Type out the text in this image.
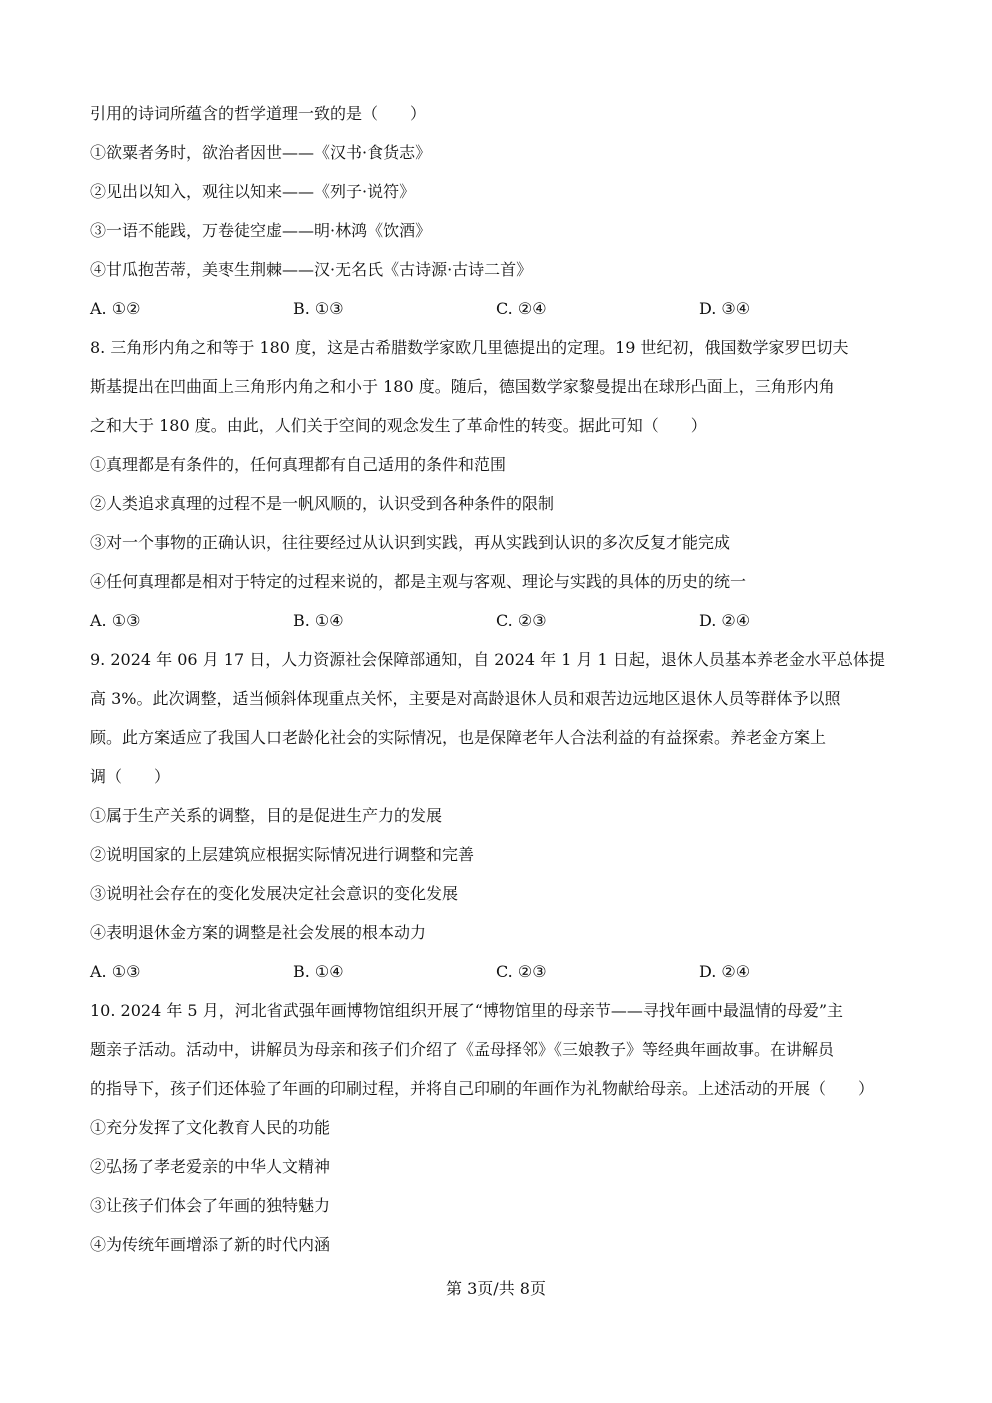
引用的诗词所蕴含的哲学道理一致的是（　　）
①欲粟者务时，欲治者因世——《汉书·食货志》
②见出以知入，观往以知来——《列子·说符》
③一语不能践，万卷徒空虚——明·林鸿《饮酒》
④甘瓜抱苦蒂，美枣生荆棘——汉·无名氏《古诗源·古诗二首》
A. ①②	B. ①③	C. ②④	D. ③④
8. 三角形内角之和等于 180 度，这是古希腊数学家欧几里德提出的定理。19 世纪初，俄国数学家罗巴切夫
斯基提出在凹曲面上三角形内角之和小于 180 度。随后，德国数学家黎曼提出在球形凸面上，三角形内角
之和大于 180 度。由此，人们关于空间的观念发生了革命性的转变。据此可知（　　）
①真理都是有条件的，任何真理都有自己适用的条件和范围
②人类追求真理的过程不是一帆风顺的，认识受到各种条件的限制
③对一个事物的正确认识，往往要经过从认识到实践，再从实践到认识的多次反复才能完成
④任何真理都是相对于特定的过程来说的，都是主观与客观、理论与实践的具体的历史的统一
A. ①③	B. ①④	C. ②③	D. ②④
9. 2024 年 06 月 17 日，人力资源社会保障部通知，自 2024 年 1 月 1 日起，退休人员基本养老金水平总体提
高 3%。此次调整，适当倾斜体现重点关怀，主要是对高龄退休人员和艰苦边远地区退休人员等群体予以照
顾。此方案适应了我国人口老龄化社会的实际情况，也是保障老年人合法利益的有益探索。养老金方案上
调（　　）
①属于生产关系的调整，目的是促进生产力的发展
②说明国家的上层建筑应根据实际情况进行调整和完善
③说明社会存在的变化发展决定社会意识的变化发展
④表明退休金方案的调整是社会发展的根本动力
A. ①③	B. ①④	C. ②③	D. ②④
10. 2024 年 5 月，河北省武强年画博物馆组织开展了“博物馆里的母亲节——寻找年画中最温情的母爱”主
题亲子活动。活动中，讲解员为母亲和孩子们介绍了《孟母择邻》《三娘教子》等经典年画故事。在讲解员
的指导下，孩子们还体验了年画的印刷过程，并将自己印刷的年画作为礼物献给母亲。上述活动的开展（　　）
①充分发挥了文化教育人民的功能
②弘扬了孝老爱亲的中华人文精神
③让孩子们体会了年画的独特魅力
④为传统年画增添了新的时代内涵
第 3页/共 8页
